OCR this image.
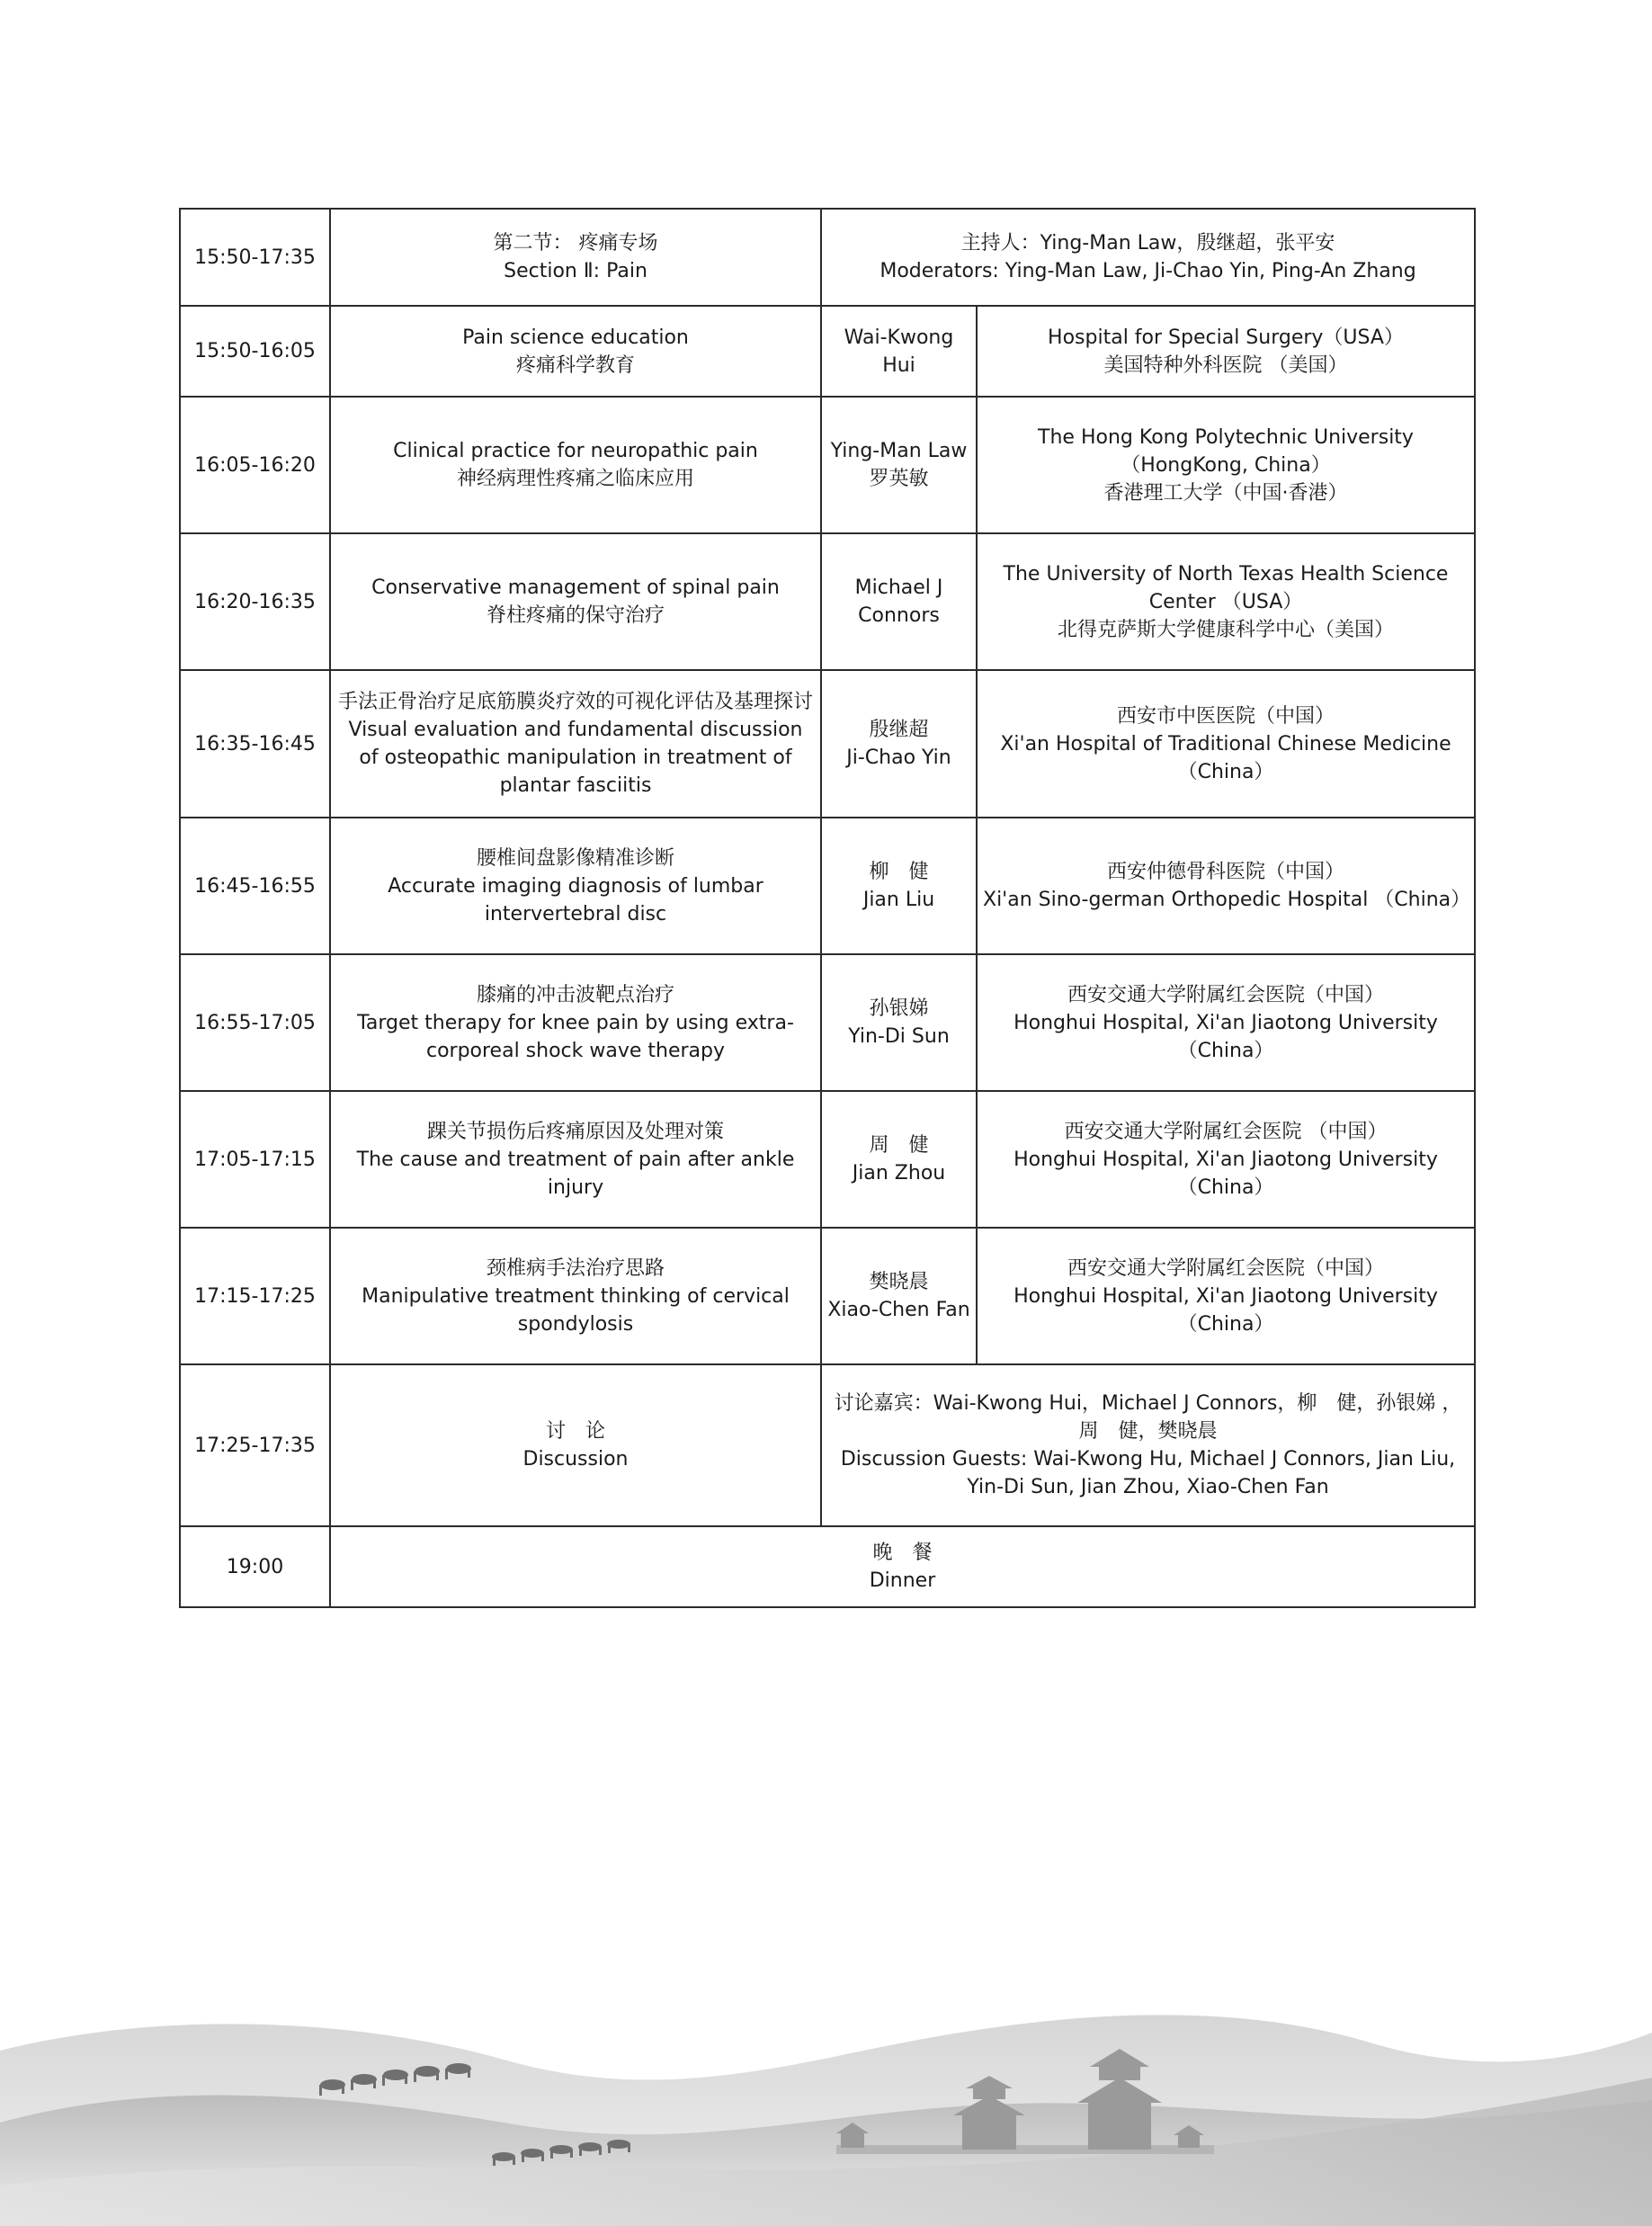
15:50-17:35	第二节： 疼痛专场
Section Ⅱ: Pain	主持人：Ying-Man Law，殷继超，张平安
Moderators: Ying-Man Law, Ji-Chao Yin, Ping-An Zhang	

15:50-16:05	Pain science education
疼痛科学教育	Wai-Kwong Hui	Hospital for Special Surgery（USA）
美国特种外科医院 （美国）

16:05-16:20	Clinical practice for neuropathic pain
神经病理性疼痛之临床应用	Ying-Man Law
罗英敏	The Hong Kong Polytechnic University （HongKong, China）
香港理工大学（中国·香港）

16:20-16:35	Conservative management of spinal pain
脊柱疼痛的保守治疗	Michael J
Connors	The University of North Texas Health Science Center （USA）
北得克萨斯大学健康科学中心（美国）

16:35-16:45	手法正骨治疗足底筋膜炎疗效的可视化评估及基理探讨
Visual evaluation and fundamental discussion of osteopathic manipulation in treatment of plantar fasciitis	殷继超
Ji-Chao Yin	西安市中医医院（中国）
Xi'an Hospital of Traditional Chinese Medicine （China）

16:45-16:55	腰椎间盘影像精准诊断
Accurate imaging diagnosis of lumbar intervertebral disc	柳　健
Jian Liu	西安仲德骨科医院（中国）
Xi'an Sino-german Orthopedic Hospital （China）

16:55-17:05	膝痛的冲击波靶点治疗
Target therapy for knee pain by using extra-corporeal shock wave therapy	孙银娣
Yin-Di Sun	西安交通大学附属红会医院（中国）
Honghui Hospital, Xi'an Jiaotong University（China）

17:05-17:15	踝关节损伤后疼痛原因及处理对策
The cause and treatment of pain after ankle injury	周　健
Jian Zhou	西安交通大学附属红会医院 （中国）
Honghui Hospital, Xi'an Jiaotong University（China）

17:15-17:25	颈椎病手法治疗思路
Manipulative treatment thinking of cervical spondylosis	樊晓晨
Xiao-Chen Fan	西安交通大学附属红会医院（中国）
Honghui Hospital, Xi'an Jiaotong University（China）

17:25-17:35	讨　论
Discussion	讨论嘉宾：Wai-Kwong Hui，Michael J Connors，柳　健，孙银娣 ，周　健，樊晓晨
Discussion Guests: Wai-Kwong Hu, Michael J Connors, Jian Liu, Yin-Di Sun, Jian Zhou, Xiao-Chen Fan	

19:00	晚　餐
Dinner		
